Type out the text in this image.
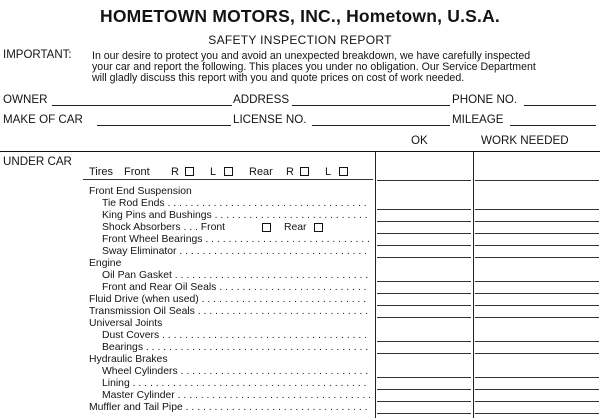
HOMETOWN MOTORS, INC., Hometown, U.S.A.
SAFETY INSPECTION REPORT
IMPORTANT: In our desire to protect you and avoid an unexpected breakdown, we have carefully inspected
your car and report the following. This places you under no obligation. Our Service Department
will gladly discuss this report with you and quote prices on cost of work needed.
OWNER	ADDRESS	PHONE NO.
MAKE OF CAR	LICENSE NO.	MILEAGE
OK	WORK NEEDED
UNDER CAR
Tires Front R	L	Rear R	L
Front End Suspension
Tie Rod Ends . . .
King Pins and Bushings . . .
Shock Absorbers . . . Front	Rear
Front Wheel Bearings . . .
Sway Eliminator . . .
Engine
Oil Pan Gasket . . .
Front and Rear Oil Seals . . .
Fluid Drive (when used) . . .
Transmission Oil Seals . . .
Universal Joints
Dust Covers . . .
Bearings . . .
Hydraulic Brakes
Wheel Cylinders . . .
Lining . . .
Master Cylinder . . .
Muffler and Tail Pipe . . .
